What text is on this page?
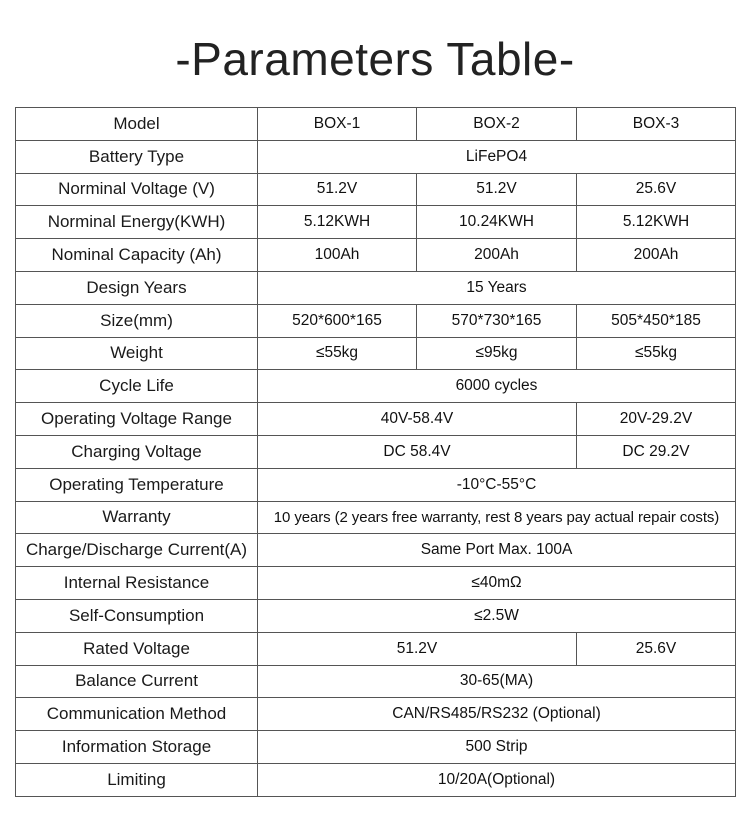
-Parameters Table-
Model	BOX-1	BOX-2	BOX-3
Battery Type	LiFePO4		
Norminal Voltage (V)	51.2V	51.2V	25.6V
Norminal Energy(KWH)	5.12KWH	10.24KWH	5.12KWH
Nominal Capacity (Ah)	100Ah	200Ah	200Ah
Design Years	15 Years		
Size(mm)	520*600*165	570*730*165	505*450*185
Weight	≤55kg	≤95kg	≤55kg
Cycle Life	6000 cycles		
Operating Voltage Range	40V-58.4V		20V-29.2V
Charging Voltage	DC 58.4V		DC 29.2V
Operating Temperature	-10°C-55°C		
Warranty	10 years (2 years free warranty, rest 8 years pay actual repair costs)		
Charge/Discharge Current(A)	Same Port Max. 100A		
Internal Resistance	≤40mΩ		
Self-Consumption	≤2.5W		
Rated Voltage	51.2V		25.6V
Balance Current	30-65(MA)		
Communication Method	CAN/RS485/RS232 (Optional)		
Information Storage	500 Strip		
Limiting	10/20A(Optional)		
